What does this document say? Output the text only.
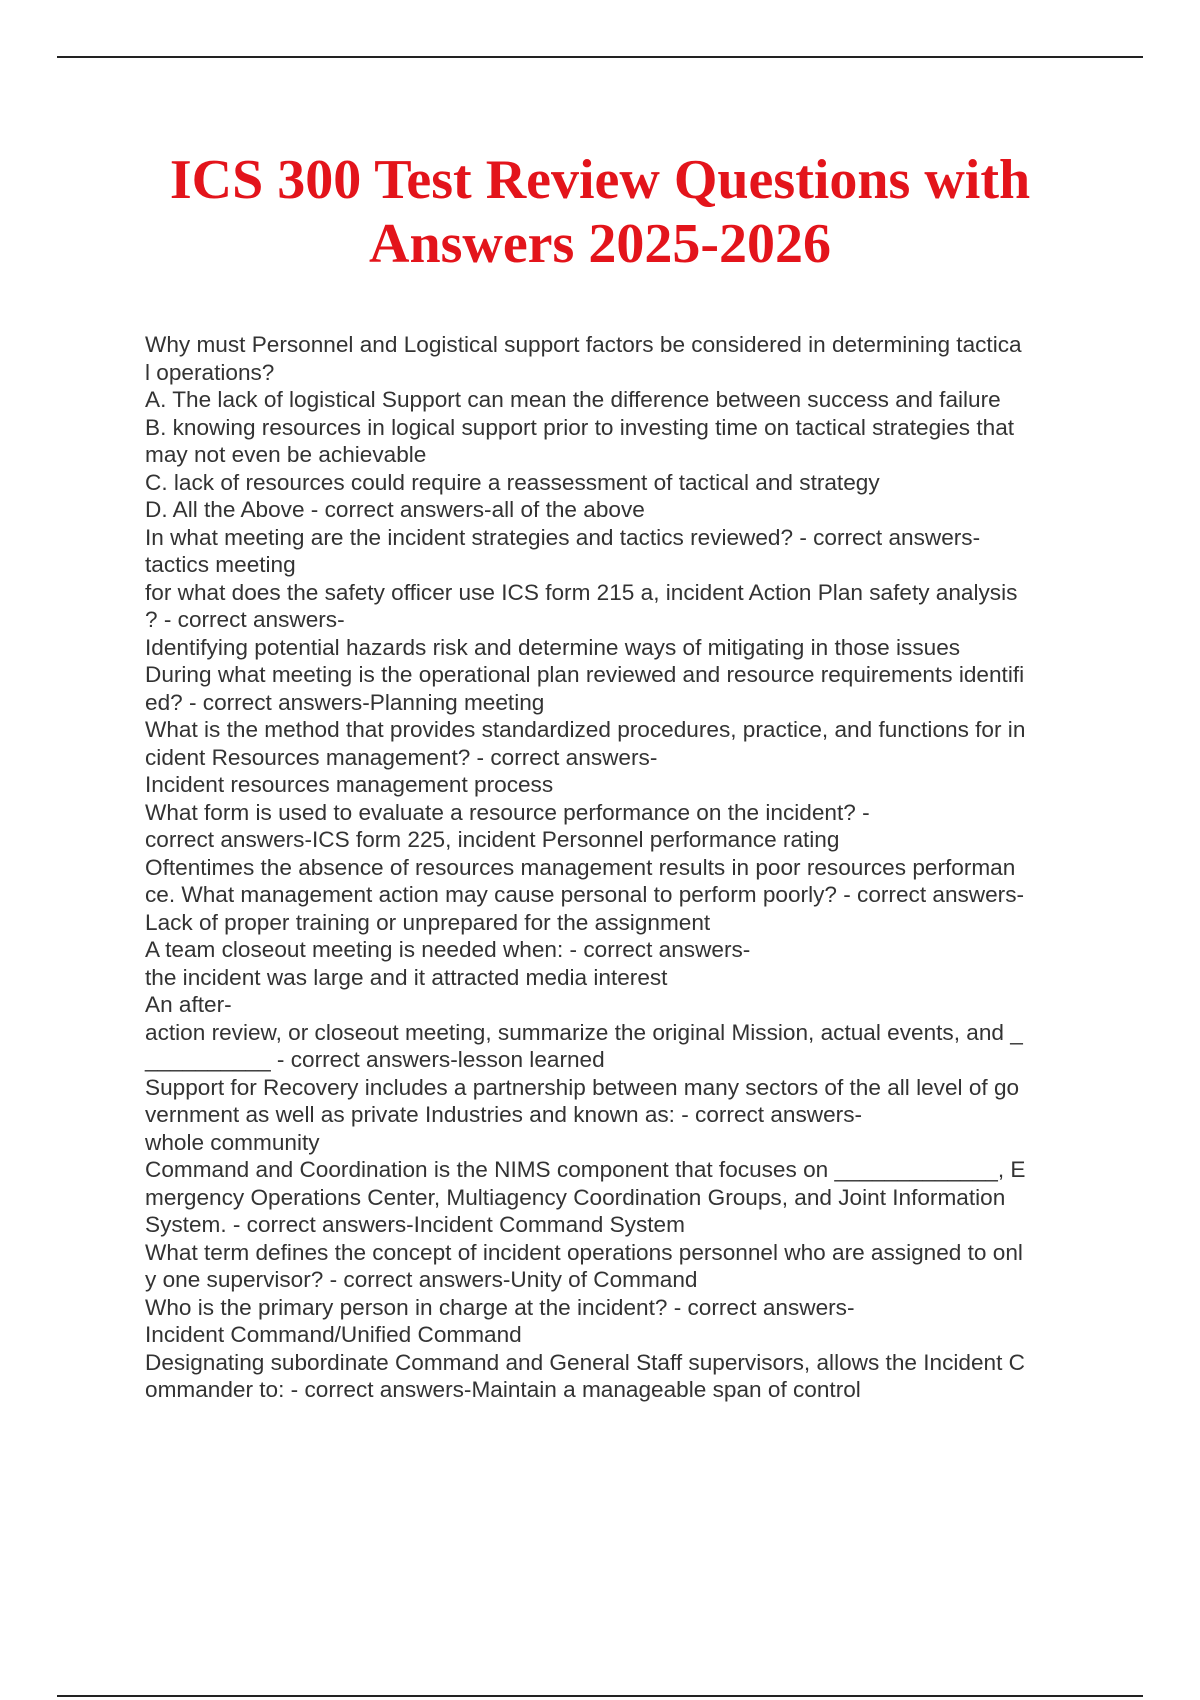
ICS 300 Test Review Questions with
Answers 2025-2026
Why must Personnel and Logistical support factors be considered in determining tactica
l operations?
A. The lack of logistical Support can mean the difference between success and failure
B. knowing resources in logical support prior to investing time on tactical strategies that
may not even be achievable
C. lack of resources could require a reassessment of tactical and strategy
D. All the Above - correct answers-all of the above
In what meeting are the incident strategies and tactics reviewed? - correct answers-
tactics meeting
for what does the safety officer use ICS form 215 a, incident Action Plan safety analysis
? - correct answers-
Identifying potential hazards risk and determine ways of mitigating in those issues
During what meeting is the operational plan reviewed and resource requirements identifi
ed? - correct answers-Planning meeting
What is the method that provides standardized procedures, practice, and functions for in
cident Resources management? - correct answers-
Incident resources management process
What form is used to evaluate a resource performance on the incident? -
correct answers-ICS form 225, incident Personnel performance rating
Oftentimes the absence of resources management results in poor resources performan
ce. What management action may cause personal to perform poorly? - correct answers-
Lack of proper training or unprepared for the assignment
A team closeout meeting is needed when: - correct answers-
the incident was large and it attracted media interest
An after-
action review, or closeout meeting, summarize the original Mission, actual events, and _
__________ - correct answers-lesson learned
Support for Recovery includes a partnership between many sectors of the all level of go
vernment as well as private Industries and known as: - correct answers-
whole community
Command and Coordination is the NIMS component that focuses on _____________, E
mergency Operations Center, Multiagency Coordination Groups, and Joint Information
System. - correct answers-Incident Command System
What term defines the concept of incident operations personnel who are assigned to onl
y one supervisor? - correct answers-Unity of Command
Who is the primary person in charge at the incident? - correct answers-
Incident Command/Unified Command
Designating subordinate Command and General Staff supervisors, allows the Incident C
ommander to: - correct answers-Maintain a manageable span of control
